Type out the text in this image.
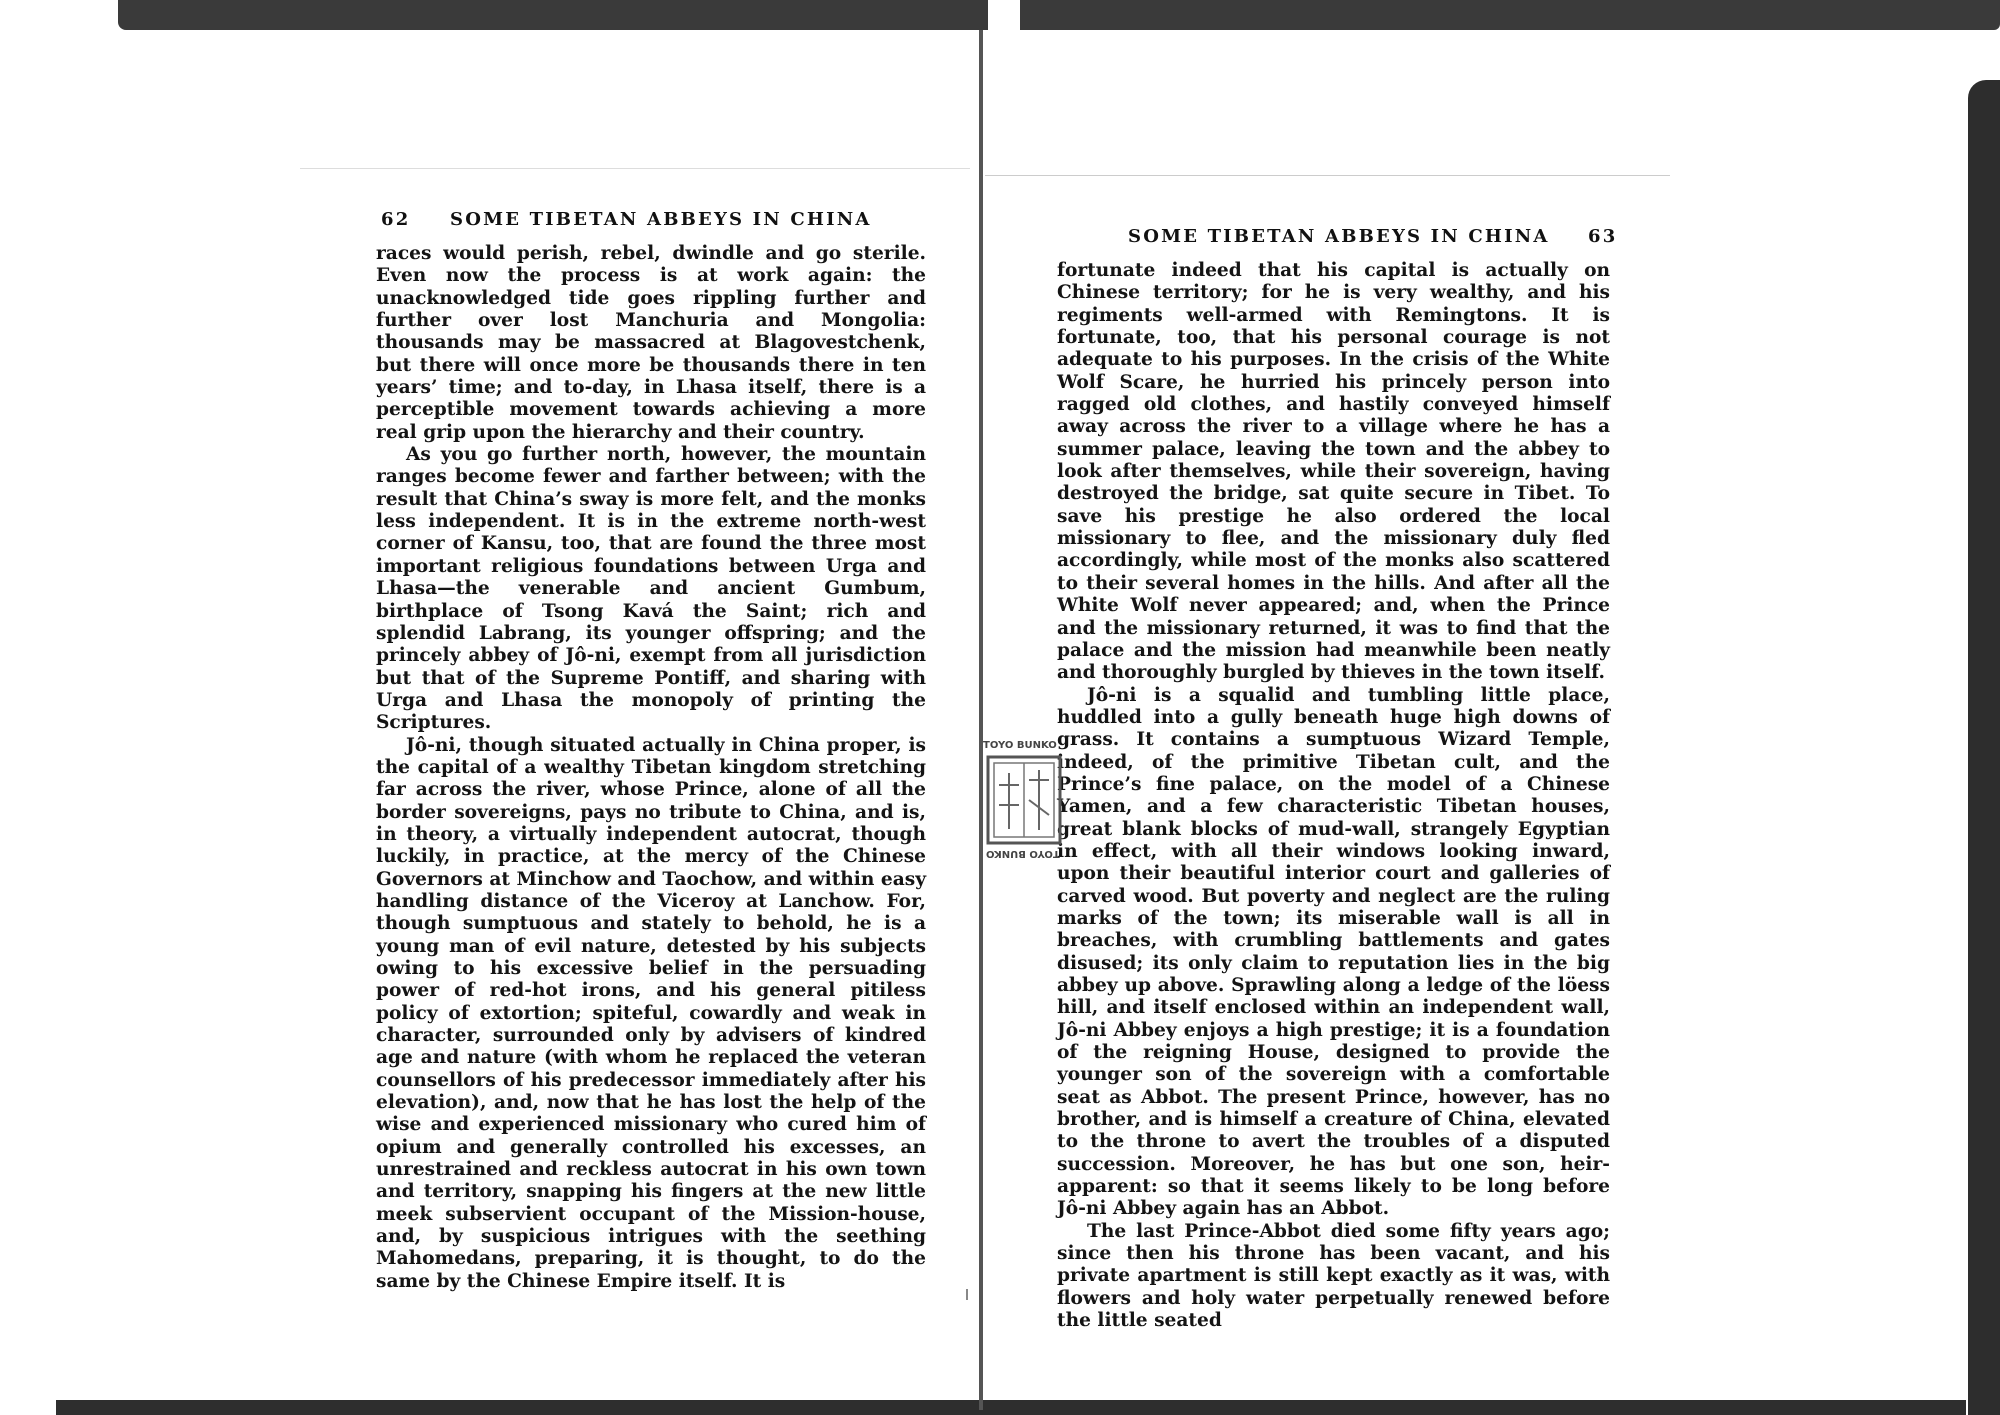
62 SOME TIBETAN ABBEYS IN CHINA

races would perish, rebel, dwindle and go sterile. Even now the process is at work again: the unacknowledged tide goes rippling further and further over lost Manchuria and Mongolia: thousands may be massacred at Blagovestchenk, but there will once more be thousands there in ten years’ time; and to-day, in Lhasa itself, there is a perceptible movement towards achieving a more real grip upon the hierarchy and their country.

As you go further north, however, the mountain ranges become fewer and farther between; with the result that China’s sway is more felt, and the monks less independent. It is in the extreme north-west corner of Kansu, too, that are found the three most important religious foundations between Urga and Lhasa—the venerable and ancient Gumbum, birthplace of Tsong Kavá the Saint; rich and splendid Labrang, its younger offspring; and the princely abbey of Jô-ni, exempt from all jurisdiction but that of the Supreme Pontiff, and sharing with Urga and Lhasa the monopoly of printing the Scriptures.

Jô-ni, though situated actually in China proper, is the capital of a wealthy Tibetan kingdom stretching far across the river, whose Prince, alone of all the border sovereigns, pays no tribute to China, and is, in theory, a virtually independent autocrat, though luckily, in practice, at the mercy of the Chinese Governors at Minchow and Taochow, and within easy handling distance of the Viceroy at Lanchow. For, though sumptuous and stately to behold, he is a young man of evil nature, detested by his subjects owing to his excessive belief in the persuading power of red-hot irons, and his general pitiless policy of extortion; spiteful, cowardly and weak in character, surrounded only by advisers of kindred age and nature (with whom he replaced the veteran counsellors of his predecessor immediately after his elevation), and, now that he has lost the help of the wise and experienced missionary who cured him of opium and generally controlled his excesses, an unrestrained and reckless autocrat in his own town and territory, snapping his fingers at the new little meek subservient occupant of the Mission-house, and, by suspicious intrigues with the seething Mahomedans, preparing, it is thought, to do the same by the Chinese Empire itself. It is

SOME TIBETAN ABBEYS IN CHINA 63

fortunate indeed that his capital is actually on Chinese territory; for he is very wealthy, and his regiments well-armed with Remingtons. It is fortunate, too, that his personal courage is not adequate to his purposes. In the crisis of the White Wolf Scare, he hurried his princely person into ragged old clothes, and hastily conveyed himself away across the river to a village where he has a summer palace, leaving the town and the abbey to look after themselves, while their sovereign, having destroyed the bridge, sat quite secure in Tibet. To save his prestige he also ordered the local missionary to flee, and the missionary duly fled accordingly, while most of the monks also scattered to their several homes in the hills. And after all the White Wolf never appeared; and, when the Prince and the missionary returned, it was to find that the palace and the mission had meanwhile been neatly and thoroughly burgled by thieves in the town itself.

Jô-ni is a squalid and tumbling little place, huddled into a gully beneath huge high downs of grass. It contains a sumptuous Wizard Temple, indeed, of the primitive Tibetan cult, and the Prince’s fine palace, on the model of a Chinese Yamen, and a few characteristic Tibetan houses, great blank blocks of mud-wall, strangely Egyptian in effect, with all their windows looking inward, upon their beautiful interior court and galleries of carved wood. But poverty and neglect are the ruling marks of the town; its miserable wall is all in breaches, with crumbling battlements and gates disused; its only claim to reputation lies in the big abbey up above. Sprawling along a ledge of the löess hill, and itself enclosed within an independent wall, Jô-ni Abbey enjoys a high prestige; it is a foundation of the reigning House, designed to provide the younger son of the sovereign with a comfortable seat as Abbot. The present Prince, however, has no brother, and is himself a creature of China, elevated to the throne to avert the troubles of a disputed succession. Moreover, he has but one son, heir-apparent: so that it seems likely to be long before Jô-ni Abbey again has an Abbot.

The last Prince-Abbot died some fifty years ago; since then his throne has been vacant, and his private apartment is still kept exactly as it was, with flowers and holy water perpetually renewed before the little seated

TOYO BUNKO
TOYO BUNKO
